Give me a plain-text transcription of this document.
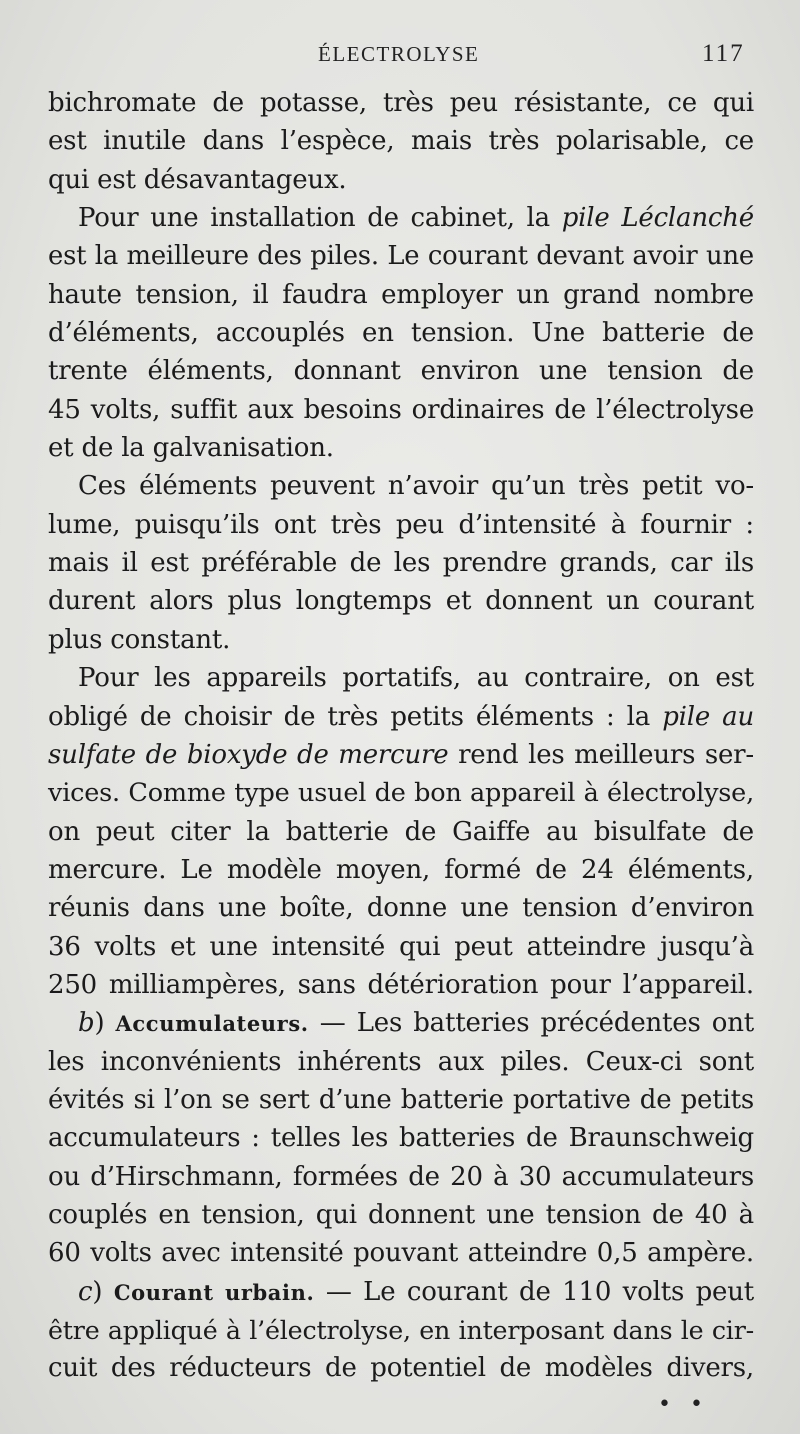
ÉLECTROLYSE	117
bichromate de potasse, très peu résistante, ce qui
est inutile dans l’espèce, mais très polarisable, ce
qui est désavantageux.
Pour une installation de cabinet, la pile Léclanché
est la meilleure des piles. Le courant devant avoir une
haute tension, il faudra employer un grand nombre
d’éléments, accouplés en tension. Une batterie de
trente éléments, donnant environ une tension de
45 volts, suffit aux besoins ordinaires de l’électrolyse
et de la galvanisation.
Ces éléments peuvent n’avoir qu’un très petit vo-
lume, puisqu’ils ont très peu d’intensité à fournir :
mais il est préférable de les prendre grands, car ils
durent alors plus longtemps et donnent un courant
plus constant.
Pour les appareils portatifs, au contraire, on est
obligé de choisir de très petits éléments : la pile au
sulfate de bioxyde de mercure rend les meilleurs ser-
vices. Comme type usuel de bon appareil à électrolyse,
on peut citer la batterie de Gaiffe au bisulfate de
mercure. Le modèle moyen, formé de 24 éléments,
réunis dans une boîte, donne une tension d’environ
36 volts et une intensité qui peut atteindre jusqu’à
250 milliampères, sans détérioration pour l’appareil.
b) Accumulateurs. — Les batteries précédentes ont
les inconvénients inhérents aux piles. Ceux-ci sont
évités si l’on se sert d’une batterie portative de petits
accumulateurs : telles les batteries de Braunschweig
ou d’Hirschmann, formées de 20 à 30 accumulateurs
couplés en tension, qui donnent une tension de 40 à
60 volts avec intensité pouvant atteindre 0,5 ampère.
c) Courant urbain. — Le courant de 110 volts peut
être appliqué à l’électrolyse, en interposant dans le cir-
cuit des réducteurs de potentiel de modèles divers,
• •
